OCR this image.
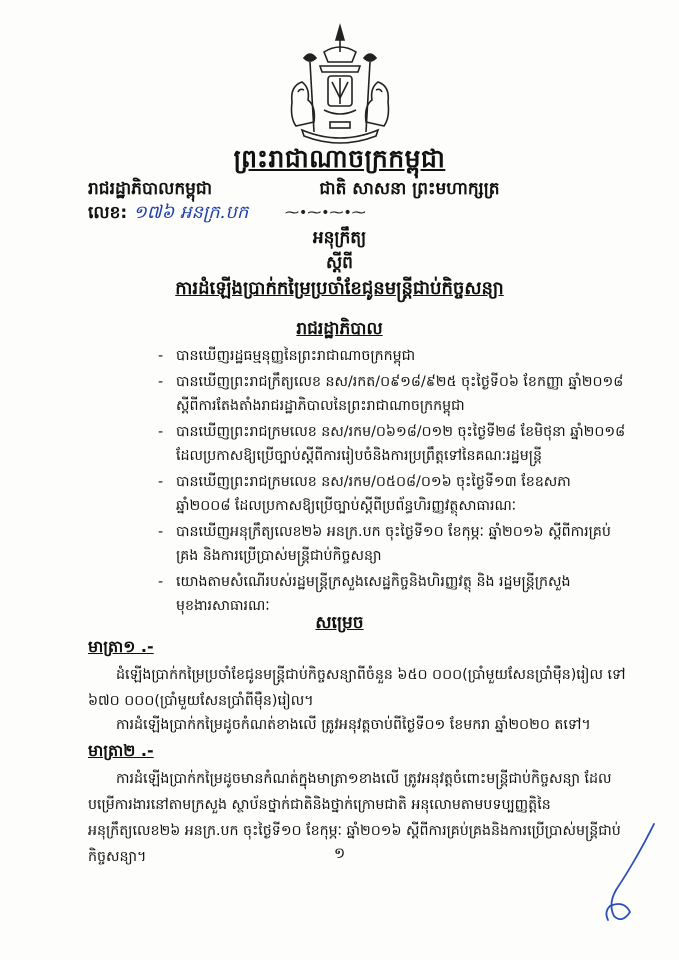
ព្រះរាជាណាចក្រកម្ពុជា
រាជរដ្ឋាភិបាលកម្ពុជា	ជាតិ សាសនា ព្រះមហាក្សត្រ
លេខ: ១៧៦ អនក្រ.បក	⁓•⁓•⁓•⁓
អនុក្រឹត្យ
ស្ដីពី
ការដំឡើងប្រាក់កម្រៃប្រចាំខែជូនមន្ត្រីជាប់កិច្ចសន្យា
រាជរដ្ឋាភិបាល
- បានឃើញរដ្ឋធម្មនុញ្ញនៃព្រះរាជាណាចក្រកម្ពុជា
- បានឃើញព្រះរាជក្រឹត្យលេខ នស/រកត/០៩១៨/៩២៥ ចុះថ្ងៃទី០៦ ខែកញ្ញា ឆ្នាំ២០១៨ ស្ដីពីការតែងតាំងរាជរដ្ឋាភិបាលនៃព្រះរាជាណាចក្រកម្ពុជា
- បានឃើញព្រះរាជក្រមលេខ នស/រកម/០៦១៨/០១២ ចុះថ្ងៃទី២៨ ខែមិថុនា ឆ្នាំ២០១៨ ដែលប្រកាសឱ្យប្រើច្បាប់ស្ដីពីការរៀបចំនិងការប្រព្រឹត្តទៅនៃគណៈរដ្ឋមន្ត្រី
- បានឃើញព្រះរាជក្រមលេខ នស/រកម/០៥០៨/០១៦ ចុះថ្ងៃទី១៣ ខែឧសភា ឆ្នាំ២០០៨ ដែលប្រកាសឱ្យប្រើច្បាប់ស្ដីពីប្រព័ន្ធហិរញ្ញវត្ថុសាធារណៈ
- បានឃើញអនុក្រឹត្យលេខ២៦ អនក្រ.បក ចុះថ្ងៃទី១០ ខែកុម្ភៈ ឆ្នាំ២០១៦ ស្ដីពីការគ្រប់គ្រង និងការប្រើប្រាស់មន្ត្រីជាប់កិច្ចសន្យា
- យោងតាមសំណើរបស់រដ្ឋមន្ត្រីក្រសួងសេដ្ឋកិច្ចនិងហិរញ្ញវត្ថុ និង រដ្ឋមន្ត្រីក្រសួងមុខងារសាធារណៈ
សម្រេច
មាត្រា១ .-

ដំឡើងប្រាក់កម្រៃប្រចាំខែជូនមន្ត្រីជាប់កិច្ចសន្យាពីចំនួន ៦៥០ ០០០(ប្រាំមួយសែនប្រាំម៉ឺន)រៀល ទៅ ៦៧០ ០០០(ប្រាំមួយសែនប្រាំពីម៉ឺន)រៀល។

ការដំឡើងប្រាក់កម្រៃដូចកំណត់ខាងលើ ត្រូវអនុវត្តចាប់ពីថ្ងៃទី០១ ខែមករា ឆ្នាំ២០២០ តទៅ។

មាត្រា២ .-

ការដំឡើងប្រាក់កម្រៃដូចមានកំណត់ក្នុងមាត្រា១ខាងលើ ត្រូវអនុវត្តចំពោះមន្ត្រីជាប់កិច្ចសន្យា ដែលបម្រើការងារនៅតាមក្រសួង ស្ថាប័នថ្នាក់ជាតិនិងថ្នាក់ក្រោមជាតិ អនុលោមតាមបទប្បញ្ញត្តិនៃអនុក្រឹត្យលេខ២៦ អនក្រ.បក ចុះថ្ងៃទី១០ ខែកុម្ភៈ ឆ្នាំ២០១៦ ស្ដីពីការគ្រប់គ្រងនិងការប្រើប្រាស់មន្ត្រីជាប់កិច្ចសន្យា។	១
